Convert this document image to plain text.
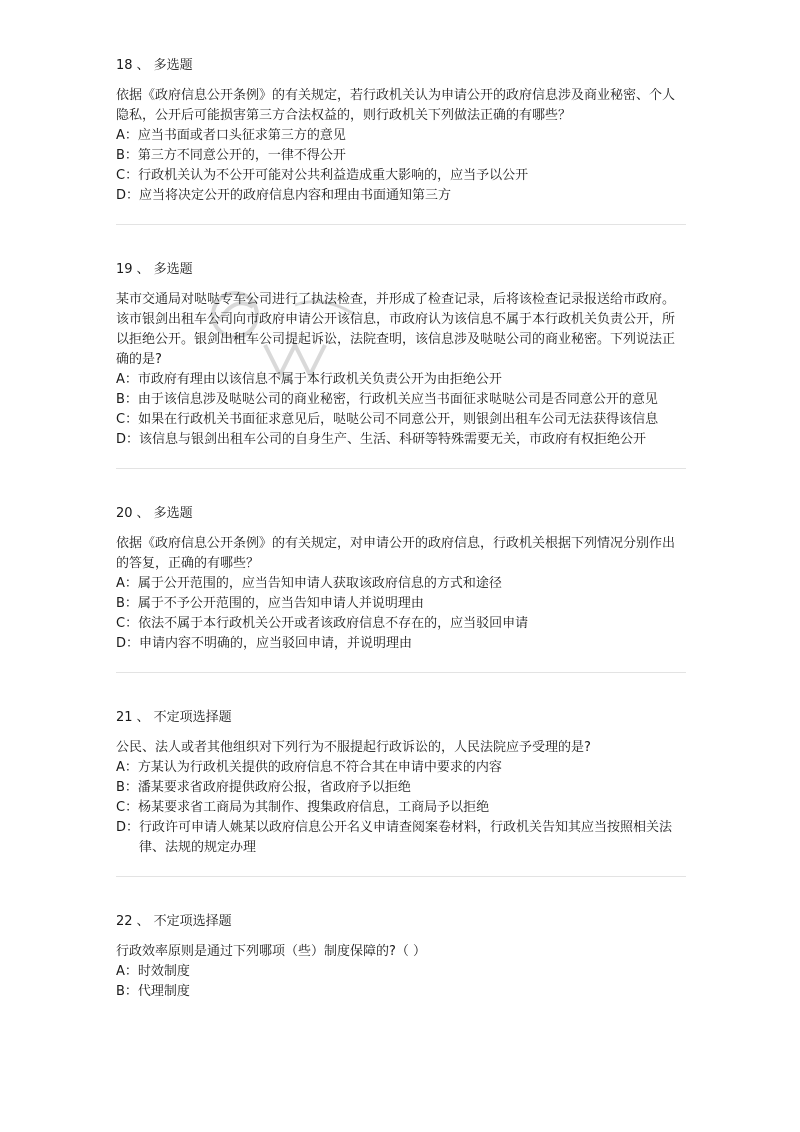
18 、 多选题
依据《政府信息公开条例》的有关规定，若行政机关认为申请公开的政府信息涉及商业秘密、个人隐私，公开后可能损害第三方合法权益的，则行政机关下列做法正确的有哪些？
A： 应当书面或者口头征求第三方的意见
B： 第三方不同意公开的，一律不得公开
C： 行政机关认为不公开可能对公共利益造成重大影响的，应当予以公开
D： 应当将决定公开的政府信息内容和理由书面通知第三方
19 、 多选题
某市交通局对哒哒专车公司进行了执法检查，并形成了检查记录，后将该检查记录报送给市政府。该市银剑出租车公司向市政府申请公开该信息，市政府认为该信息不属于本行政机关负责公开，所以拒绝公开。银剑出租车公司提起诉讼，法院查明，该信息涉及哒哒公司的商业秘密。下列说法正确的是?
A： 市政府有理由以该信息不属于本行政机关负责公开为由拒绝公开
B： 由于该信息涉及哒哒公司的商业秘密，行政机关应当书面征求哒哒公司是否同意公开的意见
C： 如果在行政机关书面征求意见后，哒哒公司不同意公开，则银剑出租车公司无法获得该信息
D： 该信息与银剑出租车公司的自身生产、生活、科研等特殊需要无关，市政府有权拒绝公开
20 、 多选题
依据《政府信息公开条例》的有关规定，对申请公开的政府信息，行政机关根据下列情况分别作出的答复，正确的有哪些？
A： 属于公开范围的，应当告知申请人获取该政府信息的方式和途径
B： 属于不予公开范围的，应当告知申请人并说明理由
C： 依法不属于本行政机关公开或者该政府信息不存在的，应当驳回申请
D： 申请内容不明确的，应当驳回申请，并说明理由
21 、 不定项选择题
公民、法人或者其他组织对下列行为不服提起行政诉讼的，人民法院应予受理的是?
A： 方某认为行政机关提供的政府信息不符合其在申请中要求的内容
B： 潘某要求省政府提供政府公报，省政府予以拒绝
C： 杨某要求省工商局为其制作、搜集政府信息，工商局予以拒绝
D： 行政许可申请人姚某以政府信息公开名义申请查阅案卷材料，行政机关告知其应当按照相关法律、法规的规定办理
22 、 不定项选择题
行政效率原则是通过下列哪项（些）制度保障的?（ ）
A： 时效制度
B： 代理制度
